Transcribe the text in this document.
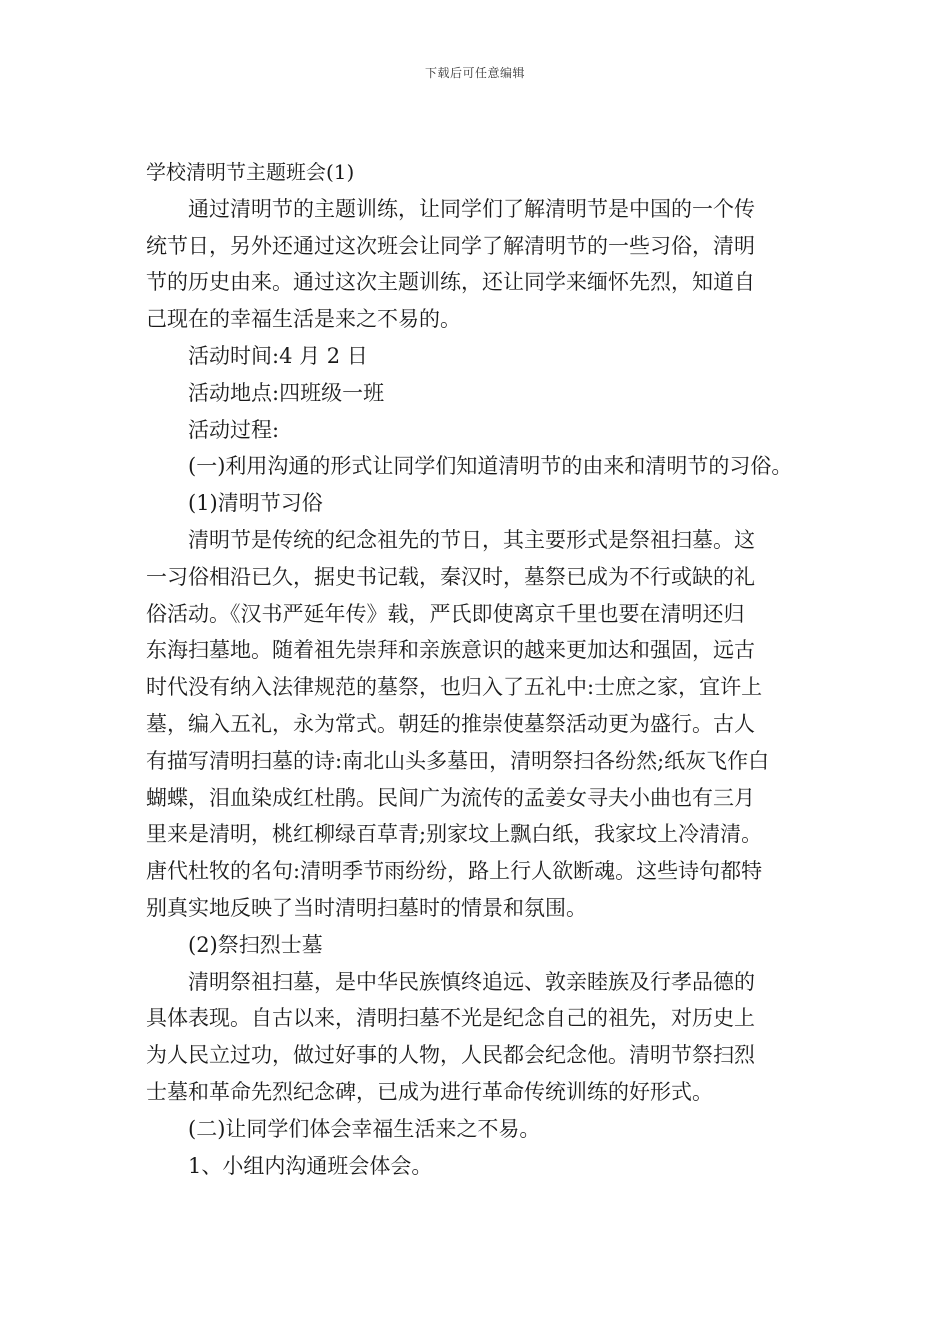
下载后可任意编辑
学校清明节主题班会(1)
通过清明节的主题训练，让同学们了解清明节是中国的一个传
统节日，另外还通过这次班会让同学了解清明节的一些习俗，清明
节的历史由来。通过这次主题训练，还让同学来缅怀先烈，知道自
己现在的幸福生活是来之不易的。
活动时间:4 月 2 日
活动地点:四班级一班
活动过程:
(一)利用沟通的形式让同学们知道清明节的由来和清明节的习俗。
(1)清明节习俗
清明节是传统的纪念祖先的节日，其主要形式是祭祖扫墓。这
一习俗相沿已久，据史书记载，秦汉时，墓祭已成为不行或缺的礼
俗活动。《汉书严延年传》载，严氏即使离京千里也要在清明还归
东海扫墓地。随着祖先崇拜和亲族意识的越来更加达和强固，远古
时代没有纳入法律规范的墓祭，也归入了五礼中:士庶之家，宜许上
墓，编入五礼，永为常式。朝廷的推崇使墓祭活动更为盛行。古人
有描写清明扫墓的诗:南北山头多墓田，清明祭扫各纷然;纸灰飞作白
蝴蝶，泪血染成红杜鹃。民间广为流传的孟姜女寻夫小曲也有三月
里来是清明，桃红柳绿百草青;别家坟上飘白纸，我家坟上冷清清。
唐代杜牧的名句:清明季节雨纷纷，路上行人欲断魂。这些诗句都特
别真实地反映了当时清明扫墓时的情景和氛围。
(2)祭扫烈士墓
清明祭祖扫墓，是中华民族慎终追远、敦亲睦族及行孝品德的
具体表现。自古以来，清明扫墓不光是纪念自己的祖先，对历史上
为人民立过功，做过好事的人物，人民都会纪念他。清明节祭扫烈
士墓和革命先烈纪念碑，已成为进行革命传统训练的好形式。
(二)让同学们体会幸福生活来之不易。
1、小组内沟通班会体会。
